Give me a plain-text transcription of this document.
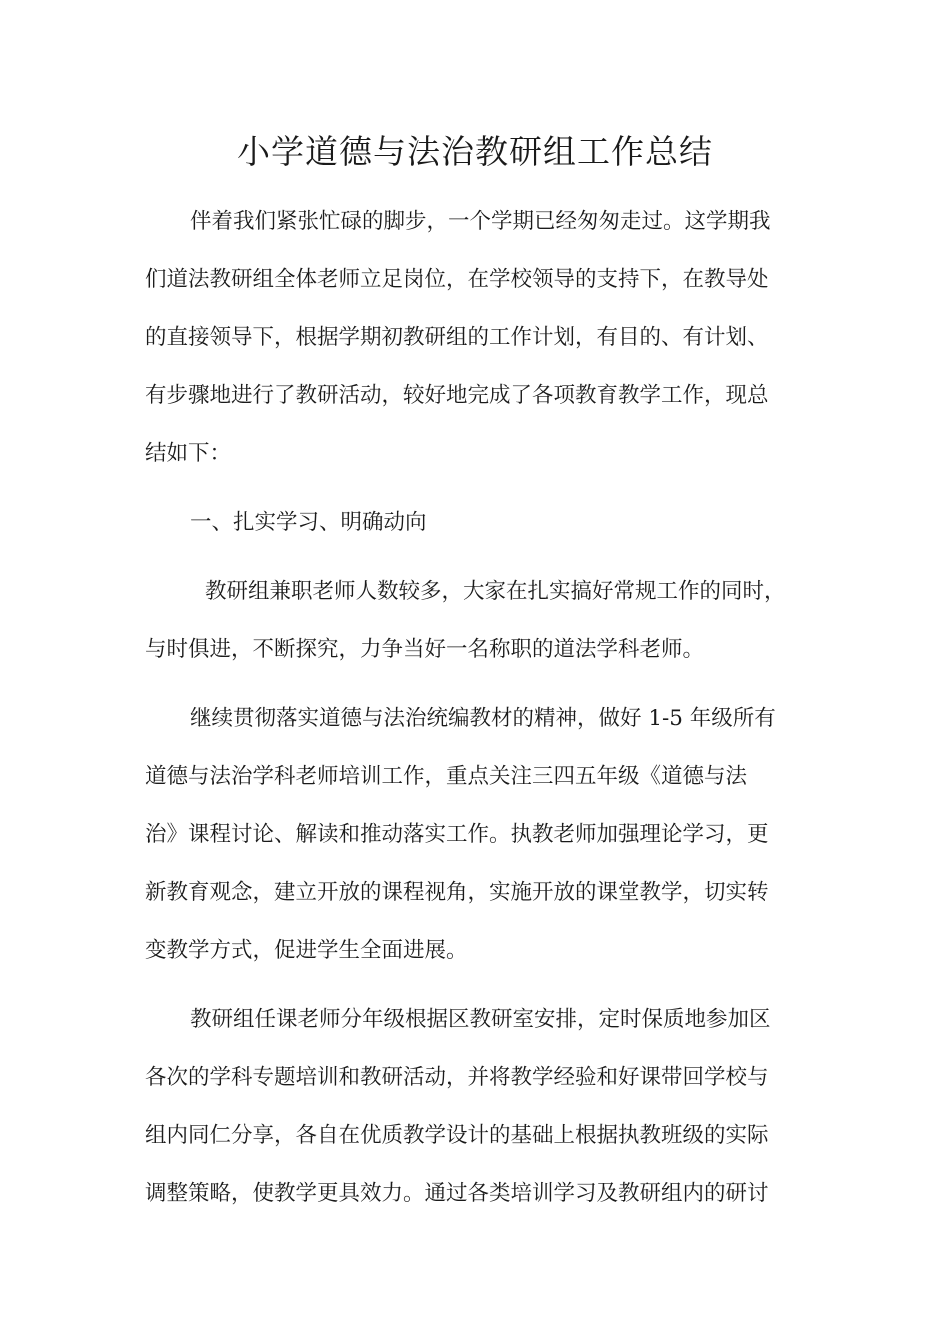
小学道德与法治教研组工作总结

伴着我们紧张忙碌的脚步，一个学期已经匆匆走过。这学期我

们道法教研组全体老师立足岗位，在学校领导的支持下，在教导处

的直接领导下，根据学期初教研组的工作计划，有目的、有计划、

有步骤地进行了教研活动，较好地完成了各项教育教学工作，现总

结如下：

一、扎实学习、明确动向

教研组兼职老师人数较多，大家在扎实搞好常规工作的同时，

与时俱进，不断探究，力争当好一名称职的道法学科老师。

继续贯彻落实道德与法治统编教材的精神，做好 1-5 年级所有

道德与法治学科老师培训工作，重点关注三四五年级《道德与法

治》课程讨论、解读和推动落实工作。执教老师加强理论学习，更

新教育观念，建立开放的课程视角，实施开放的课堂教学，切实转

变教学方式，促进学生全面进展。

教研组任课老师分年级根据区教研室安排，定时保质地参加区

各次的学科专题培训和教研活动，并将教学经验和好课带回学校与

组内同仁分享，各自在优质教学设计的基础上根据执教班级的实际

调整策略，使教学更具效力。通过各类培训学习及教研组内的研讨
